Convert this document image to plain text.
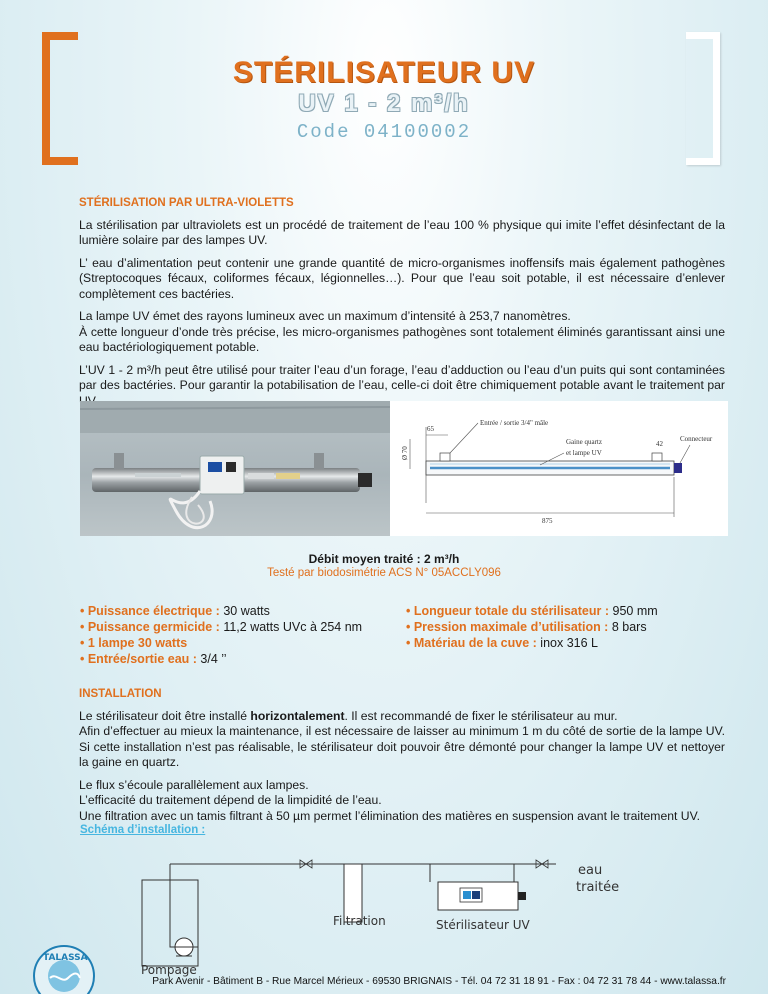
STÉRILISATEUR UV
UV 1 - 2 m³/h
Code 04100002
STÉRILISATION PAR ULTRA-VIOLETTS
La stérilisation par ultraviolets est un procédé de traitement de l’eau 100 % physique qui imite l’effet désinfectant de la lumière solaire par des lampes UV.
L’ eau d’alimentation peut contenir une grande quantité de micro-organismes inoffensifs mais également pathogènes (Streptocoques fécaux, coliformes fécaux, légionnelles…). Pour que l’eau soit potable, il est nécessaire d’enlever complètement ces bactéries.
La lampe UV émet des rayons lumineux avec un maximum d’intensité à 253,7 nanomètres.
À cette longueur d’onde très précise, les micro-organismes pathogènes sont totalement éliminés garantissant ainsi une eau bactériologiquement potable.
L’UV 1 - 2 m³/h peut être utilisé pour traiter l’eau d’un forage, l’eau d’adduction ou l’eau d’un puits qui sont contaminées par des bactéries. Pour garantir la potabilisation de l’eau, celle-ci doit être chimiquement potable avant le traitement par
65
Ø 70
Entrée / sortie 3/4" mâle
Gaine quartz
et lampe UV
42
Connecteur
875
Débit moyen traité : 2 m³/h
Testé par biodosimétrie ACS N° 05ACCLY096
• Puissance électrique : 30 watts
• Puissance germicide : 11,2 watts UVc à 254 nm
• 1 lampe 30 watts
• Entrée/sortie eau : 3/4 ’’
• Longueur totale du stérilisateur : 950 mm
• Pression maximale d’utilisation : 8 bars
• Matériau de la cuve : inox 316 L
INSTALLATION
Le stérilisateur doit être installé horizontalement. Il est recommandé de fixer le stérilisateur au mur.
Afin d’effectuer au mieux la maintenance, il est nécessaire de laisser au minimum 1 m du côté de sortie de la lampe UV. Si cette installation n’est pas réalisable, le stérilisateur doit pouvoir être démonté pour changer la lampe UV et nettoyer la gaine en quartz.
Le flux s’écoule parallèlement aux lampes.
L’efficacité du traitement dépend de la limpidité de l’eau.
Une filtration avec un tamis filtrant à 50 µm permet l’élimination des matières en suspension avant le traitement UV.
Schéma d’installation :
eau
traitée
Stérilisateur UV
Filtration
Pompage
TALASSA
Park Avenir - Bâtiment B - Rue Marcel Mérieux - 69530 BRIGNAIS - Tél. 04 72 31 18 91 - Fax : 04 72 31 78 44 - www.talassa.fr
